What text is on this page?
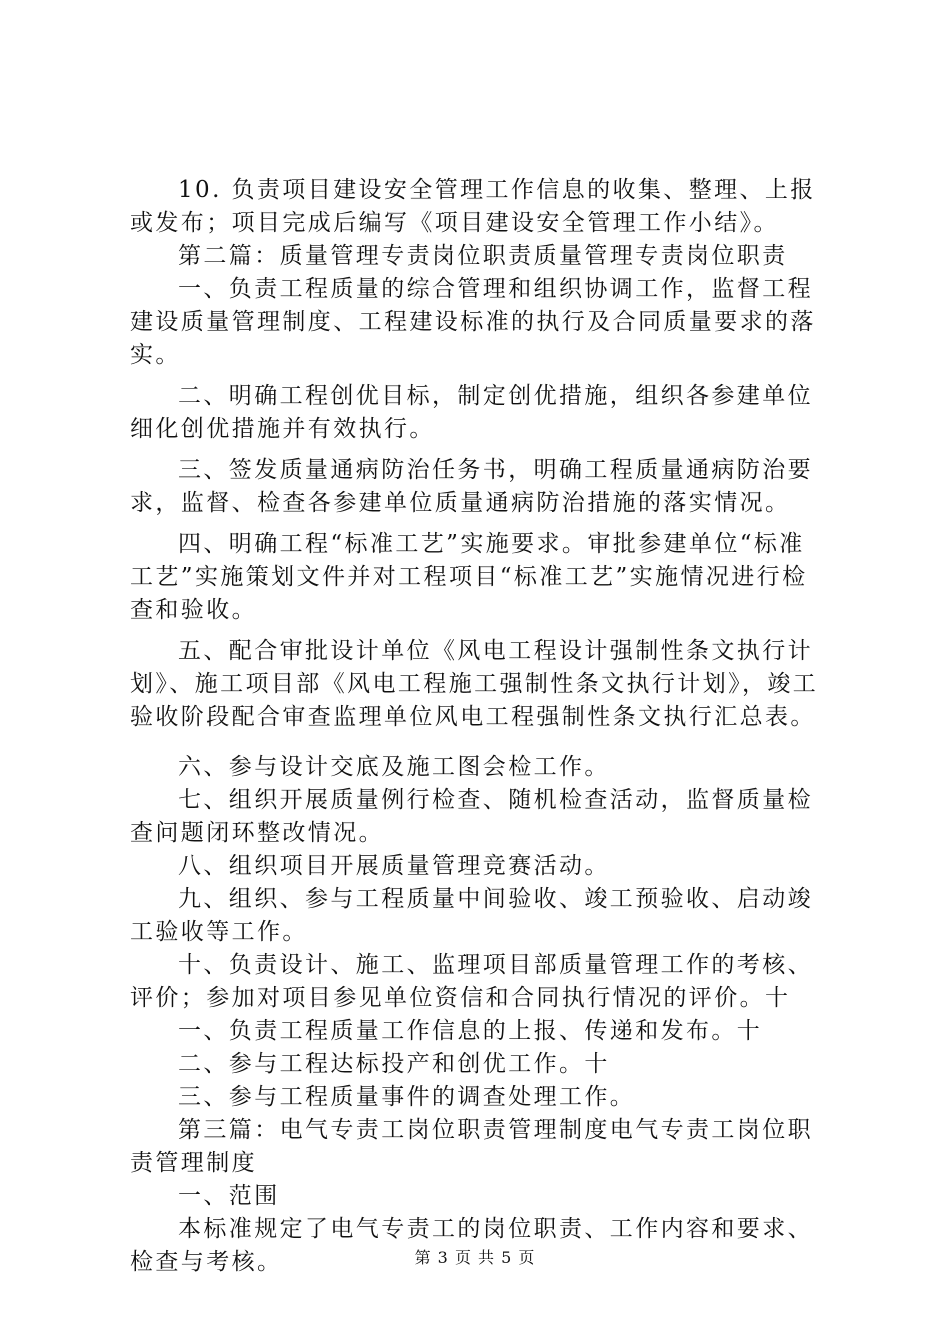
10. 负责项目建设安全管理工作信息的收集、整理、上报或发布；项目完成后编写《项目建设安全管理工作小结》。

第二篇：质量管理专责岗位职责质量管理专责岗位职责

一、负责工程质量的综合管理和组织协调工作，监督工程建设质量管理制度、工程建设标准的执行及合同质量要求的落实。

二、明确工程创优目标，制定创优措施，组织各参建单位细化创优措施并有效执行。

三、签发质量通病防治任务书，明确工程质量通病防治要求，监督、检查各参建单位质量通病防治措施的落实情况。

四、明确工程“标准工艺”实施要求。审批参建单位“标准工艺”实施策划文件并对工程项目“标准工艺”实施情况进行检查和验收。

五、配合审批设计单位《风电工程设计强制性条文执行计划》、施工项目部《风电工程施工强制性条文执行计划》，竣工验收阶段配合审查监理单位风电工程强制性条文执行汇总表。

六、参与设计交底及施工图会检工作。

七、组织开展质量例行检查、随机检查活动，监督质量检查问题闭环整改情况。

八、组织项目开展质量管理竞赛活动。

九、组织、参与工程质量中间验收、竣工预验收、启动竣工验收等工作。

十、负责设计、施工、监理项目部质量管理工作的考核、评价；参加对项目参见单位资信和合同执行情况的评价。十

一、负责工程质量工作信息的上报、传递和发布。十

二、参与工程达标投产和创优工作。十

三、参与工程质量事件的调查处理工作。

第三篇：电气专责工岗位职责管理制度电气专责工岗位职责管理制度

一、范围

本标准规定了电气专责工的岗位职责、工作内容和要求、检查与考核。	第 3 页 共 5 页
